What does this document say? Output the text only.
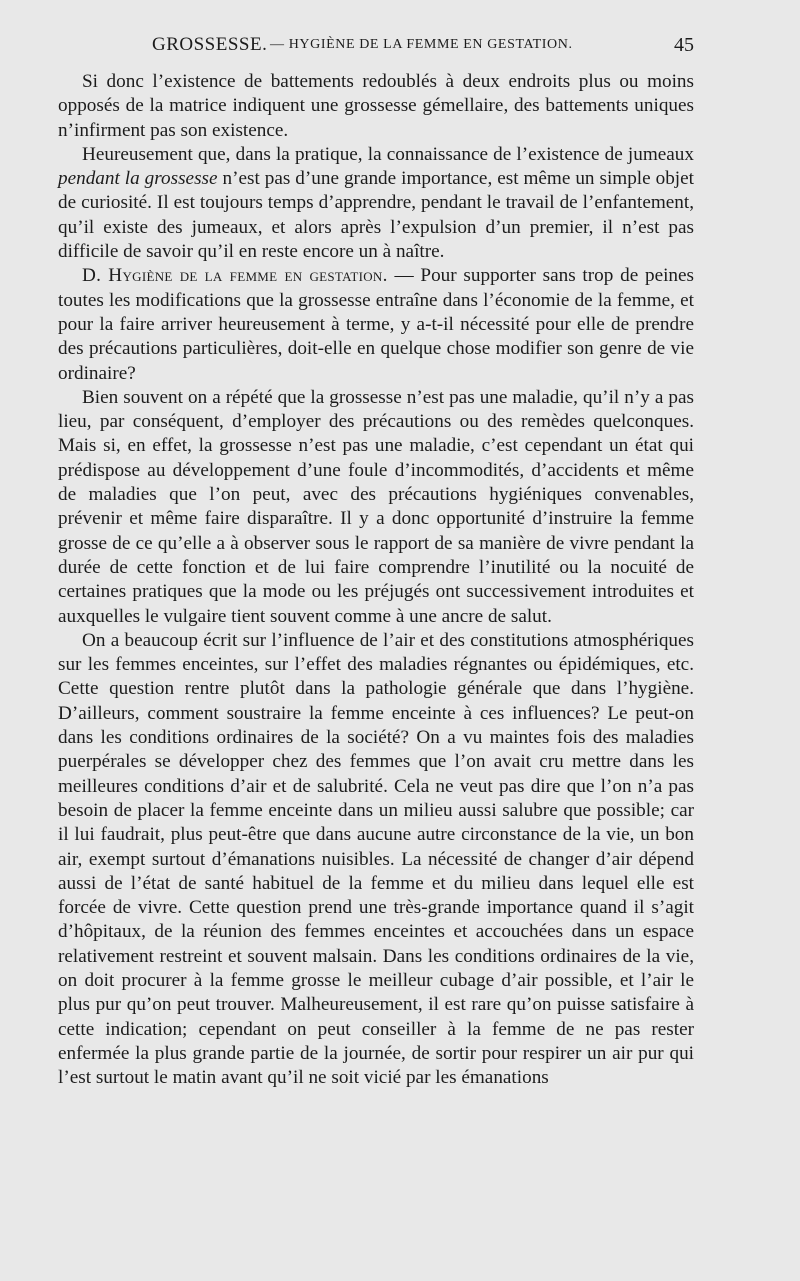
GROSSESSE. — HYGIÈNE DE LA FEMME EN GESTATION.	45

Si donc l’existence de battements redoublés à deux endroits plus ou moins opposés de la matrice indiquent une grossesse gémellaire, des battements uniques n’infirment pas son existence.

Heureusement que, dans la pratique, la connaissance de l’existence de jumeaux pendant la grossesse n’est pas d’une grande importance, est même un simple objet de curiosité. Il est toujours temps d’apprendre, pendant le travail de l’enfantement, qu’il existe des jumeaux, et alors après l’expulsion d’un premier, il n’est pas difficile de savoir qu’il en reste encore un à naître.

D. Hygiène de la femme en gestation. — Pour supporter sans trop de peines toutes les modifications que la grossesse entraîne dans l’économie de la femme, et pour la faire arriver heureusement à terme, y a-t-il nécessité pour elle de prendre des précautions particulières, doit-elle en quelque chose modifier son genre de vie ordinaire?

Bien souvent on a répété que la grossesse n’est pas une maladie, qu’il n’y a pas lieu, par conséquent, d’employer des précautions ou des remèdes quelconques. Mais si, en effet, la grossesse n’est pas une maladie, c’est cependant un état qui prédispose au développement d’une foule d’incommodités, d’accidents et même de maladies que l’on peut, avec des précautions hygiéniques convenables, prévenir et même faire disparaître. Il y a donc opportunité d’instruire la femme grosse de ce qu’elle a à observer sous le rapport de sa manière de vivre pendant la durée de cette fonction et de lui faire comprendre l’inutilité ou la nocuité de certaines pratiques que la mode ou les préjugés ont successivement introduites et auxquelles le vulgaire tient souvent comme à une ancre de salut.

On a beaucoup écrit sur l’influence de l’air et des constitutions atmosphériques sur les femmes enceintes, sur l’effet des maladies régnantes ou épidémiques, etc. Cette question rentre plutôt dans la pathologie générale que dans l’hygiène. D’ailleurs, comment soustraire la femme enceinte à ces influences? Le peut-on dans les conditions ordinaires de la société? On a vu maintes fois des maladies puerpérales se développer chez des femmes que l’on avait cru mettre dans les meilleures conditions d’air et de salubrité. Cela ne veut pas dire que l’on n’a pas besoin de placer la femme enceinte dans un milieu aussi salubre que possible; car il lui faudrait, plus peut-être que dans aucune autre circonstance de la vie, un bon air, exempt surtout d’émanations nuisibles. La nécessité de changer d’air dépend aussi de l’état de santé habituel de la femme et du milieu dans lequel elle est forcée de vivre. Cette question prend une très-grande importance quand il s’agit d’hôpitaux, de la réunion des femmes enceintes et accouchées dans un espace relativement restreint et souvent malsain. Dans les conditions ordinaires de la vie, on doit procurer à la femme grosse le meilleur cubage d’air possible, et l’air le plus pur qu’on peut trouver. Malheureusement, il est rare qu’on puisse satisfaire à cette indication; cependant on peut conseiller à la femme de ne pas rester enfermée la plus grande partie de la journée, de sortir pour respirer un air pur qui l’est surtout le matin avant qu’il ne soit vicié par les émanations
